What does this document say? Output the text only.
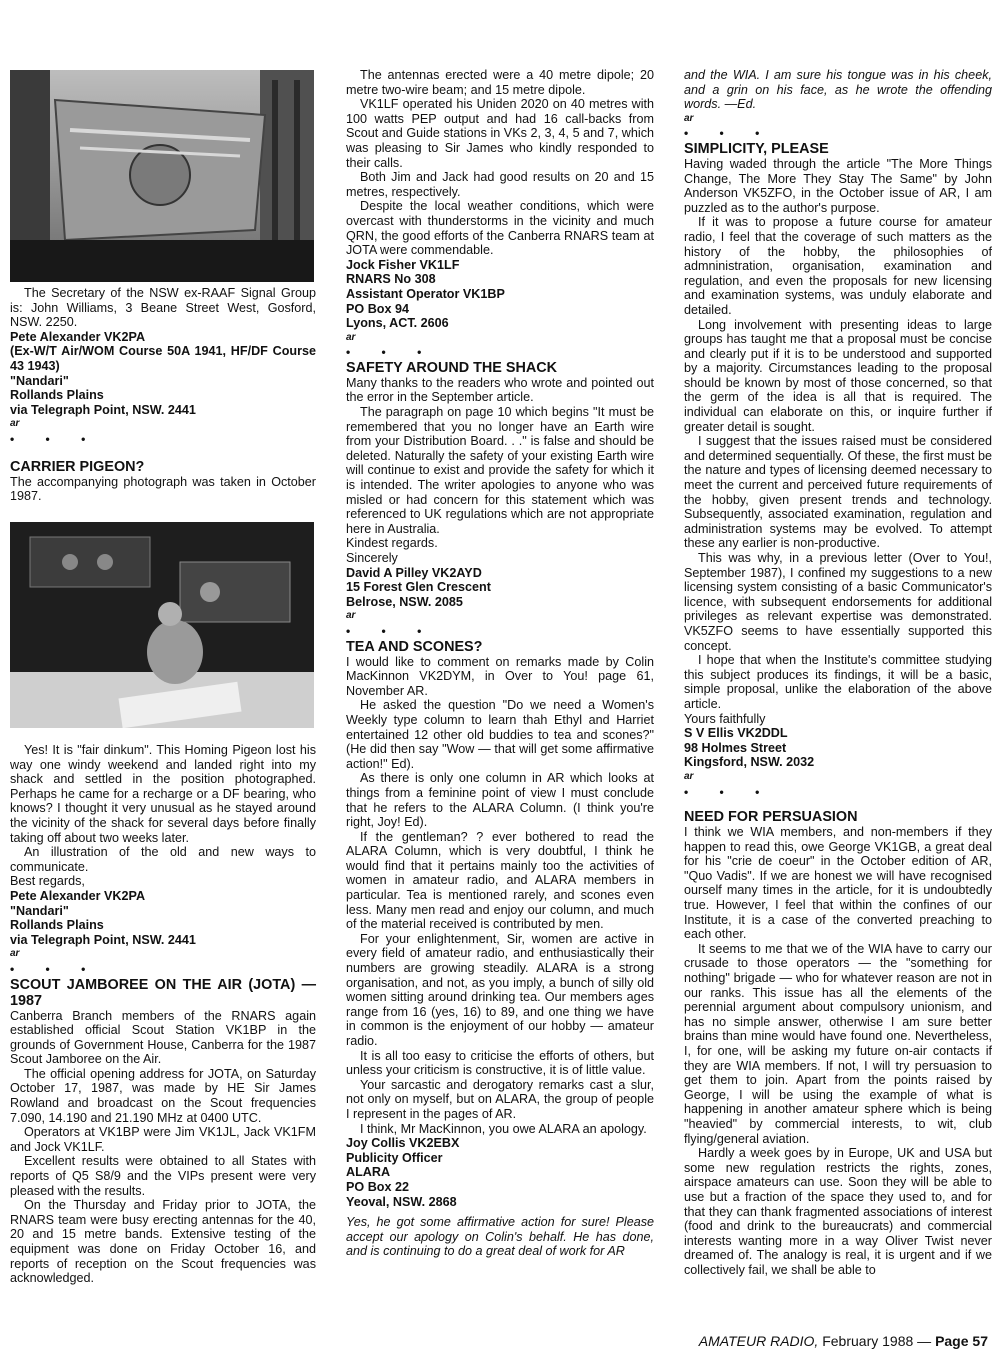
The Secretary of the NSW ex-RAAF Signal Group is: John Williams, 3 Beane Street West, Gosford, NSW. 2250.

Pete Alexander VK2PA

(Ex-W/T Air/WOM Course 50A 1941, HF/DF Course 43 1943)

"Nandari"

Rollands Plains

via Telegraph Point, NSW. 2441

ar

• • •

CARRIER PIGEON?

The accompanying photograph was taken in October 1987.

Yes! It is "fair dinkum". This Homing Pigeon lost his way one windy weekend and landed right into my shack and settled in the position photographed. Perhaps he came for a recharge or a DF bearing, who knows? I thought it very unusual as he stayed around the vicinity of the shack for several days before finally taking off about two weeks later.

An illustration of the old and new ways to communicate.

Best regards,

Pete Alexander VK2PA

"Nandari"

Rollands Plains

via Telegraph Point, NSW. 2441

ar

• • •

SCOUT JAMBOREE ON THE AIR (JOTA) — 1987

Canberra Branch members of the RNARS again established official Scout Station VK1BP in the grounds of Government House, Canberra for the 1987 Scout Jamboree on the Air.

The official opening address for JOTA, on Saturday October 17, 1987, was made by HE Sir James Rowland and broadcast on the Scout frequencies 7.090, 14.190 and 21.190 MHz at 0400 UTC.

Operators at VK1BP were Jim VK1JL, Jack VK1FM and Jock VK1LF.

Excellent results were obtained to all States with reports of Q5 S8/9 and the VIPs present were very pleased with the results.

On the Thursday and Friday prior to JOTA, the RNARS team were busy erecting antennas for the 40, 20 and 15 metre bands. Extensive testing of the equipment was done on Friday October 16, and reports of reception on the Scout frequencies was acknowledged.

The antennas erected were a 40 metre dipole; 20 metre two-wire beam; and 15 metre dipole.

VK1LF operated his Uniden 2020 on 40 metres with 100 watts PEP output and had 16 call-backs from Scout and Guide stations in VKs 2, 3, 4, 5 and 7, which was pleasing to Sir James who kindly responded to their calls.

Both Jim and Jack had good results on 20 and 15 metres, respectively.

Despite the local weather conditions, which were overcast with thunderstorms in the vicinity and much QRN, the good efforts of the Canberra RNARS team at JOTA were commendable.

Jock Fisher VK1LF

RNARS No 308

Assistant Operator VK1BP

PO Box 94

Lyons, ACT. 2606

ar

• • •

SAFETY AROUND THE SHACK

Many thanks to the readers who wrote and pointed out the error in the September article.

The paragraph on page 10 which begins "It must be remembered that you no longer have an Earth wire from your Distribution Board. . ." is false and should be deleted. Naturally the safety of your existing Earth wire will continue to exist and provide the safety for which it is intended. The writer apologies to anyone who was misled or had concern for this statement which was referenced to UK regulations which are not appropriate here in Australia.

Kindest regards.

Sincerely

David A Pilley VK2AYD

15 Forest Glen Crescent

Belrose, NSW. 2085

ar

• • •

TEA AND SCONES?

I would like to comment on remarks made by Colin MacKinnon VK2DYM, in Over to You! page 61, November AR.

He asked the question "Do we need a Women's Weekly type column to learn thah Ethyl and Harriet entertained 12 other old buddies to tea and scones?" (He did then say "Wow — that will get some affirmative action!" Ed).

As there is only one column in AR which looks at things from a feminine point of view I must conclude that he refers to the ALARA Column. (I think you're right, Joy! Ed).

If the gentleman? ? ever bothered to read the ALARA Column, which is very doubtful, I think he would find that it pertains mainly too the activities of women in amateur radio, and ALARA members in particular. Tea is mentioned rarely, and scones even less. Many men read and enjoy our column, and much of the material received is contributed by men.

For your enlightenment, Sir, women are active in every field of amateur radio, and enthusiastically their numbers are growing steadily. ALARA is a strong organisation, and not, as you imply, a bunch of silly old women sitting around drinking tea. Our members ages range from 16 (yes, 16) to 89, and one thing we have in common is the enjoyment of our hobby — amateur radio.

It is all too easy to criticise the efforts of others, but unless your criticism is constructive, it is of little value.

Your sarcastic and derogatory remarks cast a slur, not only on myself, but on ALARA, the group of people I represent in the pages of AR.

I think, Mr MacKinnon, you owe ALARA an apology.

Joy Collis VK2EBX

Publicity Officer

ALARA

PO Box 22

Yeoval, NSW. 2868

Yes, he got some affirmative action for sure! Please accept our apology on Colin's behalf. He has done, and is continuing to do a great deal of work for AR

and the WIA. I am sure his tongue was in his cheek, and a grin on his face, as he wrote the offending words. —Ed.

ar

• • •

SIMPLICITY, PLEASE

Having waded through the article "The More Things Change, The More They Stay The Same" by John Anderson VK5ZFO, in the October issue of AR, I am puzzled as to the author's purpose.

If it was to propose a future course for amateur radio, I feel that the coverage of such matters as the history of the hobby, the philosophies of admninistration, organisation, examination and regulation, and even the proposals for new licensing and examination systems, was unduly elaborate and detailed.

Long involvement with presenting ideas to large groups has taught me that a proposal must be concise and clearly put if it is to be understood and supported by a majority. Circumstances leading to the proposal should be known by most of those concerned, so that the germ of the idea is all that is required. The individual can elaborate on this, or inquire further if greater detail is sought.

I suggest that the issues raised must be considered and determined sequentially. Of these, the first must be the nature and types of licensing deemed necessary to meet the current and perceived future requirements of the hobby, given present trends and technology. Subsequently, associated examination, regulation and administration systems may be evolved. To attempt these any earlier is non-productive.

This was why, in a previous letter (Over to You!, September 1987), I confined my suggestions to a new licensing system consisting of a basic Communicator's licence, with subsequent endorsements for additional privileges as relevant expertise was demonstrated. VK5ZFO seems to have essentially supported this concept.

I hope that when the Institute's committee studying this subject produces its findings, it will be a basic, simple proposal, unlike the elaboration of the above article.

Yours faithfully

S V Ellis VK2DDL

98 Holmes Street

Kingsford, NSW. 2032

ar

• • •

NEED FOR PERSUASION

I think we WIA members, and non-members if they happen to read this, owe George VK1GB, a great deal for his "crie de coeur" in the October edition of AR, "Quo Vadis". If we are honest we will have recognised ourself many times in the article, for it is undoubtedly true. However, I feel that within the confines of our Institute, it is a case of the converted preaching to each other.

It seems to me that we of the WIA have to carry our crusade to those operators — the "something for nothing" brigade — who for whatever reason are not in our ranks. This issue has all the elements of the perennial argument about compulsory unionism, and has no simple answer, otherwise I am sure better brains than mine would have found one. Nevertheless, I, for one, will be asking my future on-air contacts if they are WIA members. If not, I will try persuasion to get them to join. Apart from the points raised by George, I will be using the example of what is happening in another amateur sphere which is being "heavied" by commercial interests, to wit, club flying/general aviation.

Hardly a week goes by in Europe, UK and USA but some new regulation restricts the rights, zones, airspace amateurs can use. Soon they will be able to use but a fraction of the space they used to, and for that they can thank fragmented associations of interest (food and drink to the bureaucrats) and commercial interests wanting more in a way Oliver Twist never dreamed of. The analogy is real, it is urgent and if we collectively fail, we shall be able to

AMATEUR RADIO, February 1988 — Page 57
